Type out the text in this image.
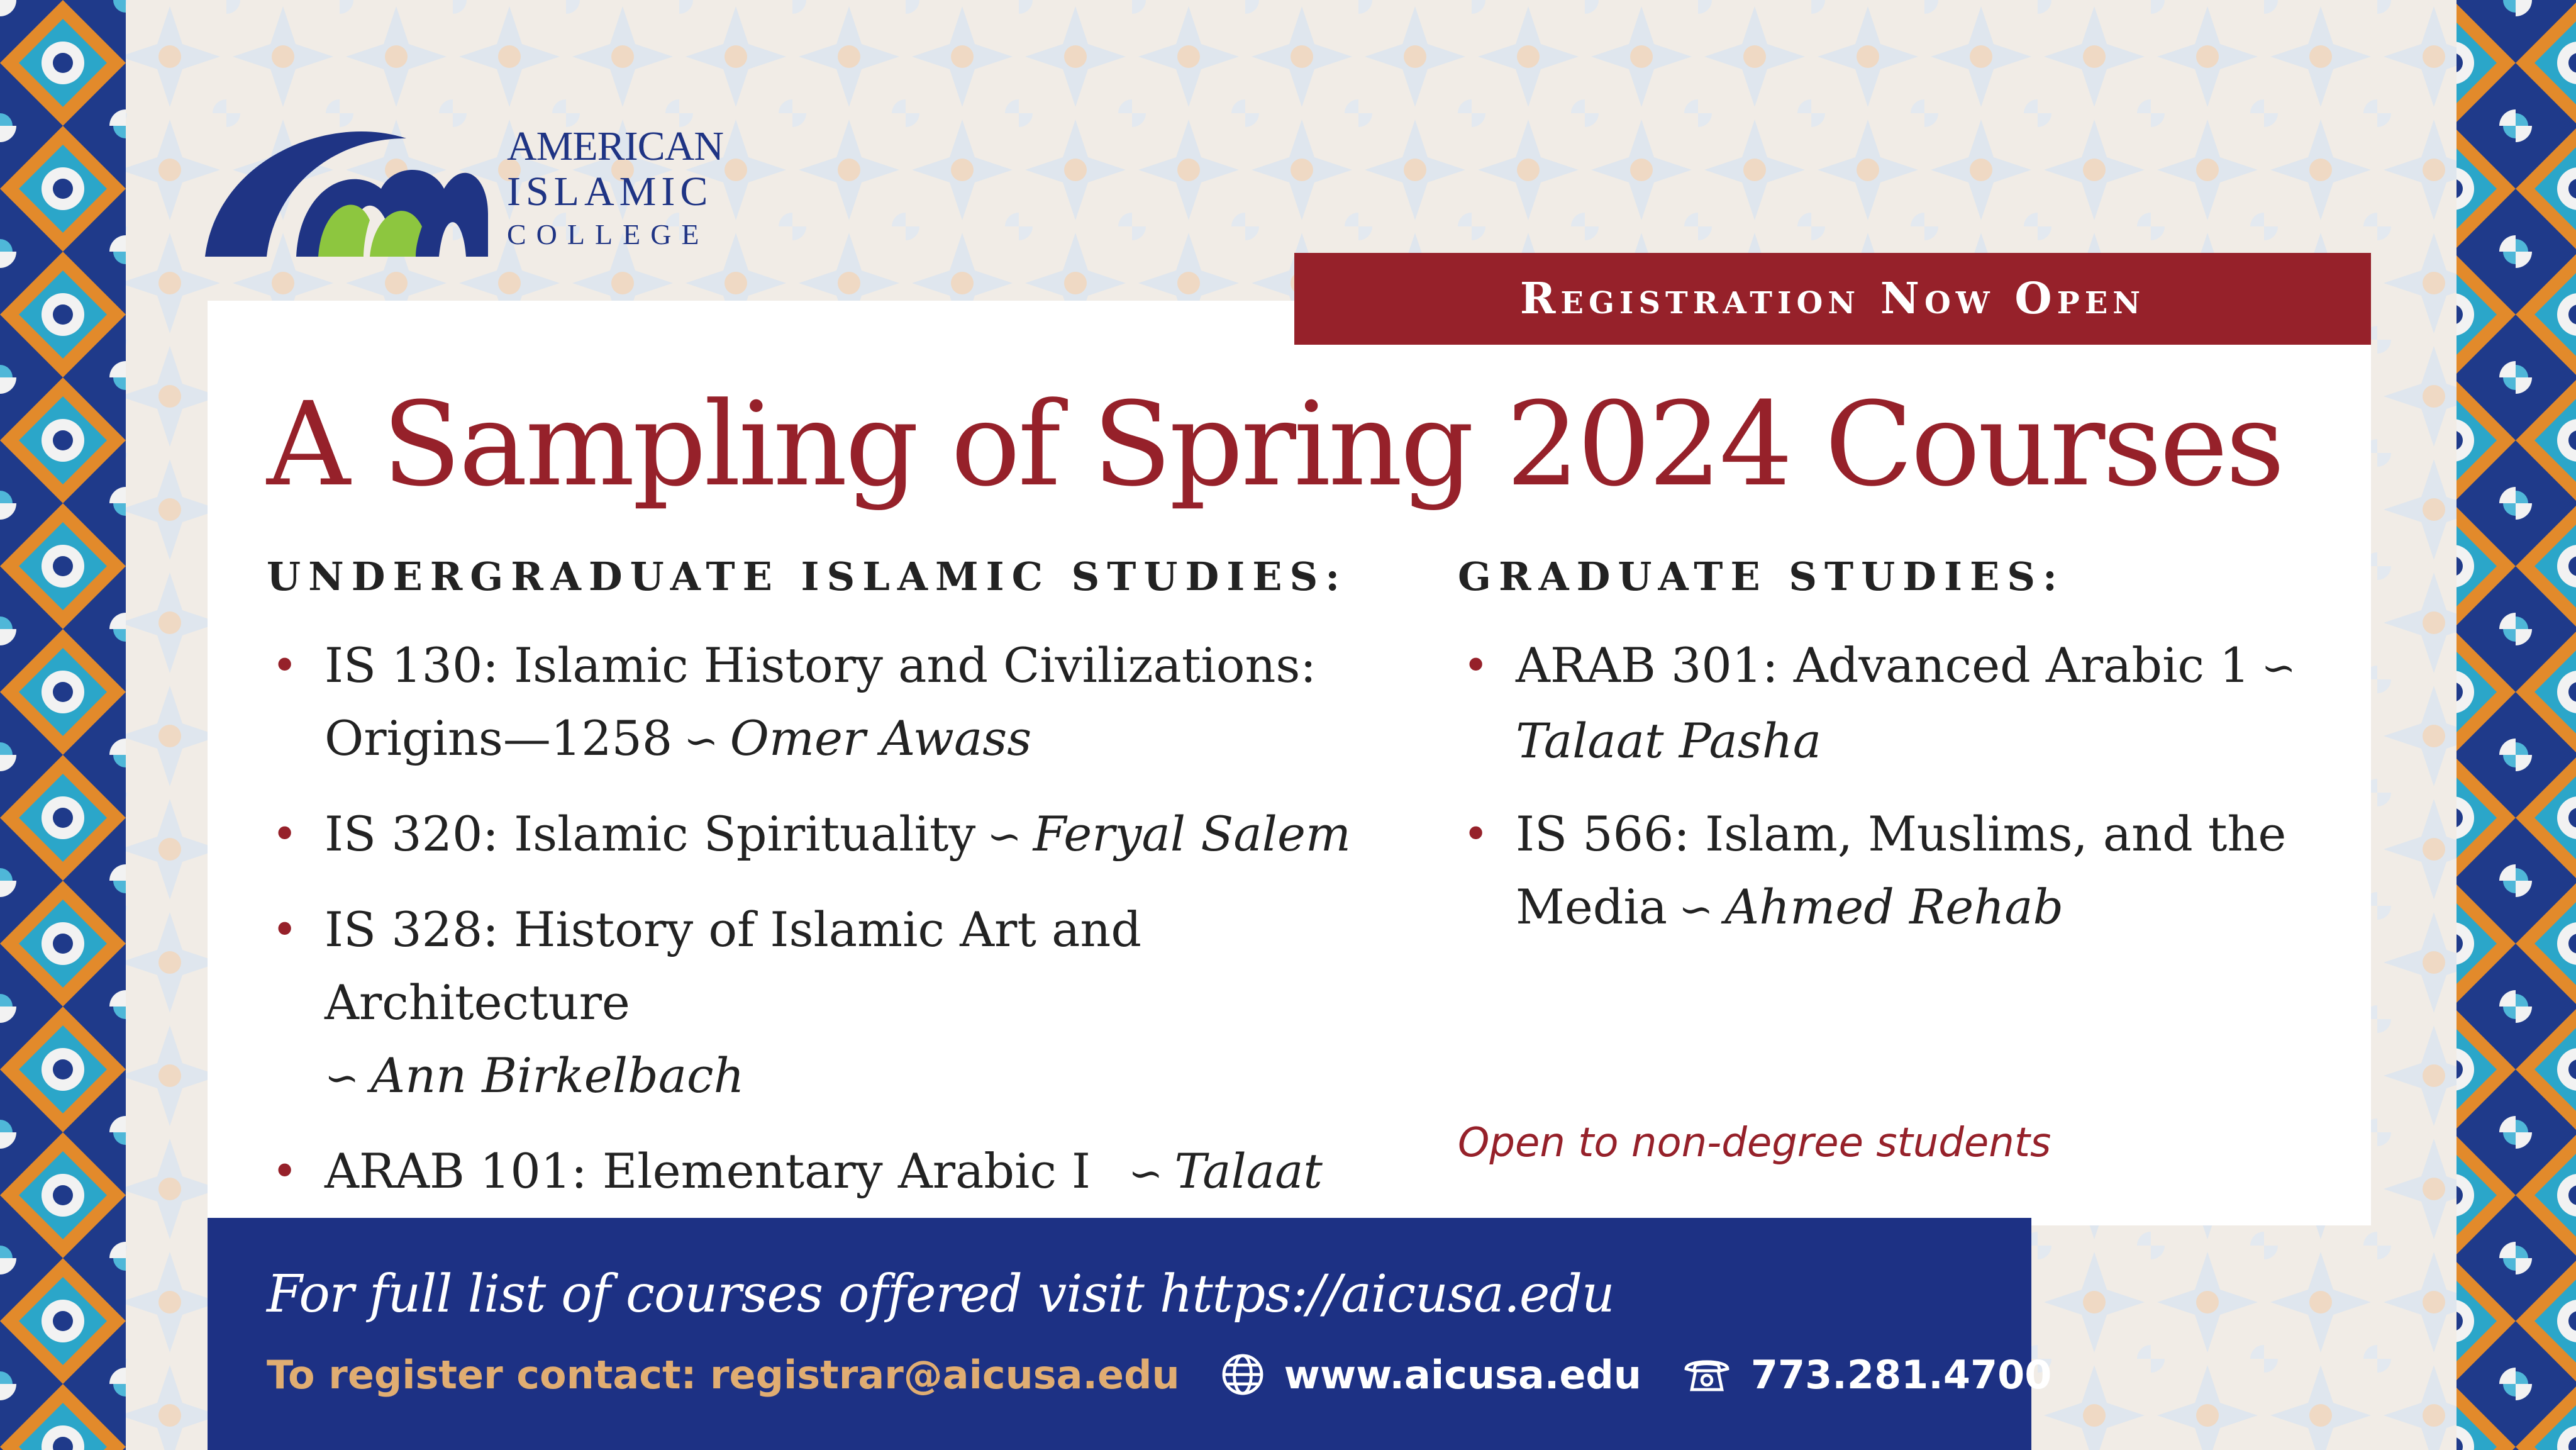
AMERICAN
ISLAMIC
COLLEGE
Registration Now Open
A Sampling of Spring 2024 Courses
UNDERGRADUATE ISLAMIC STUDIES:	GRADUATE STUDIES:
• IS 130: Islamic History and Civilizations: Origins—1258 ∽ Omer Awass
• IS 320: Islamic Spirituality ∽ Feryal Salem
• IS 328: History of Islamic Art and Architecture
∽ Ann Birkelbach
• ARAB 101: Elementary Arabic I ∽ Talaat
• ARAB 301: Advanced Arabic 1 ∽
Talaat Pasha
• IS 566: Islam, Muslims, and the Media ∽ Ahmed Rehab

Open to non-degree students

For full list of courses offered visit https://aicusa.edu

To register contact: registrar@aicusa.edu	www.aicusa.edu	773.281.4700
